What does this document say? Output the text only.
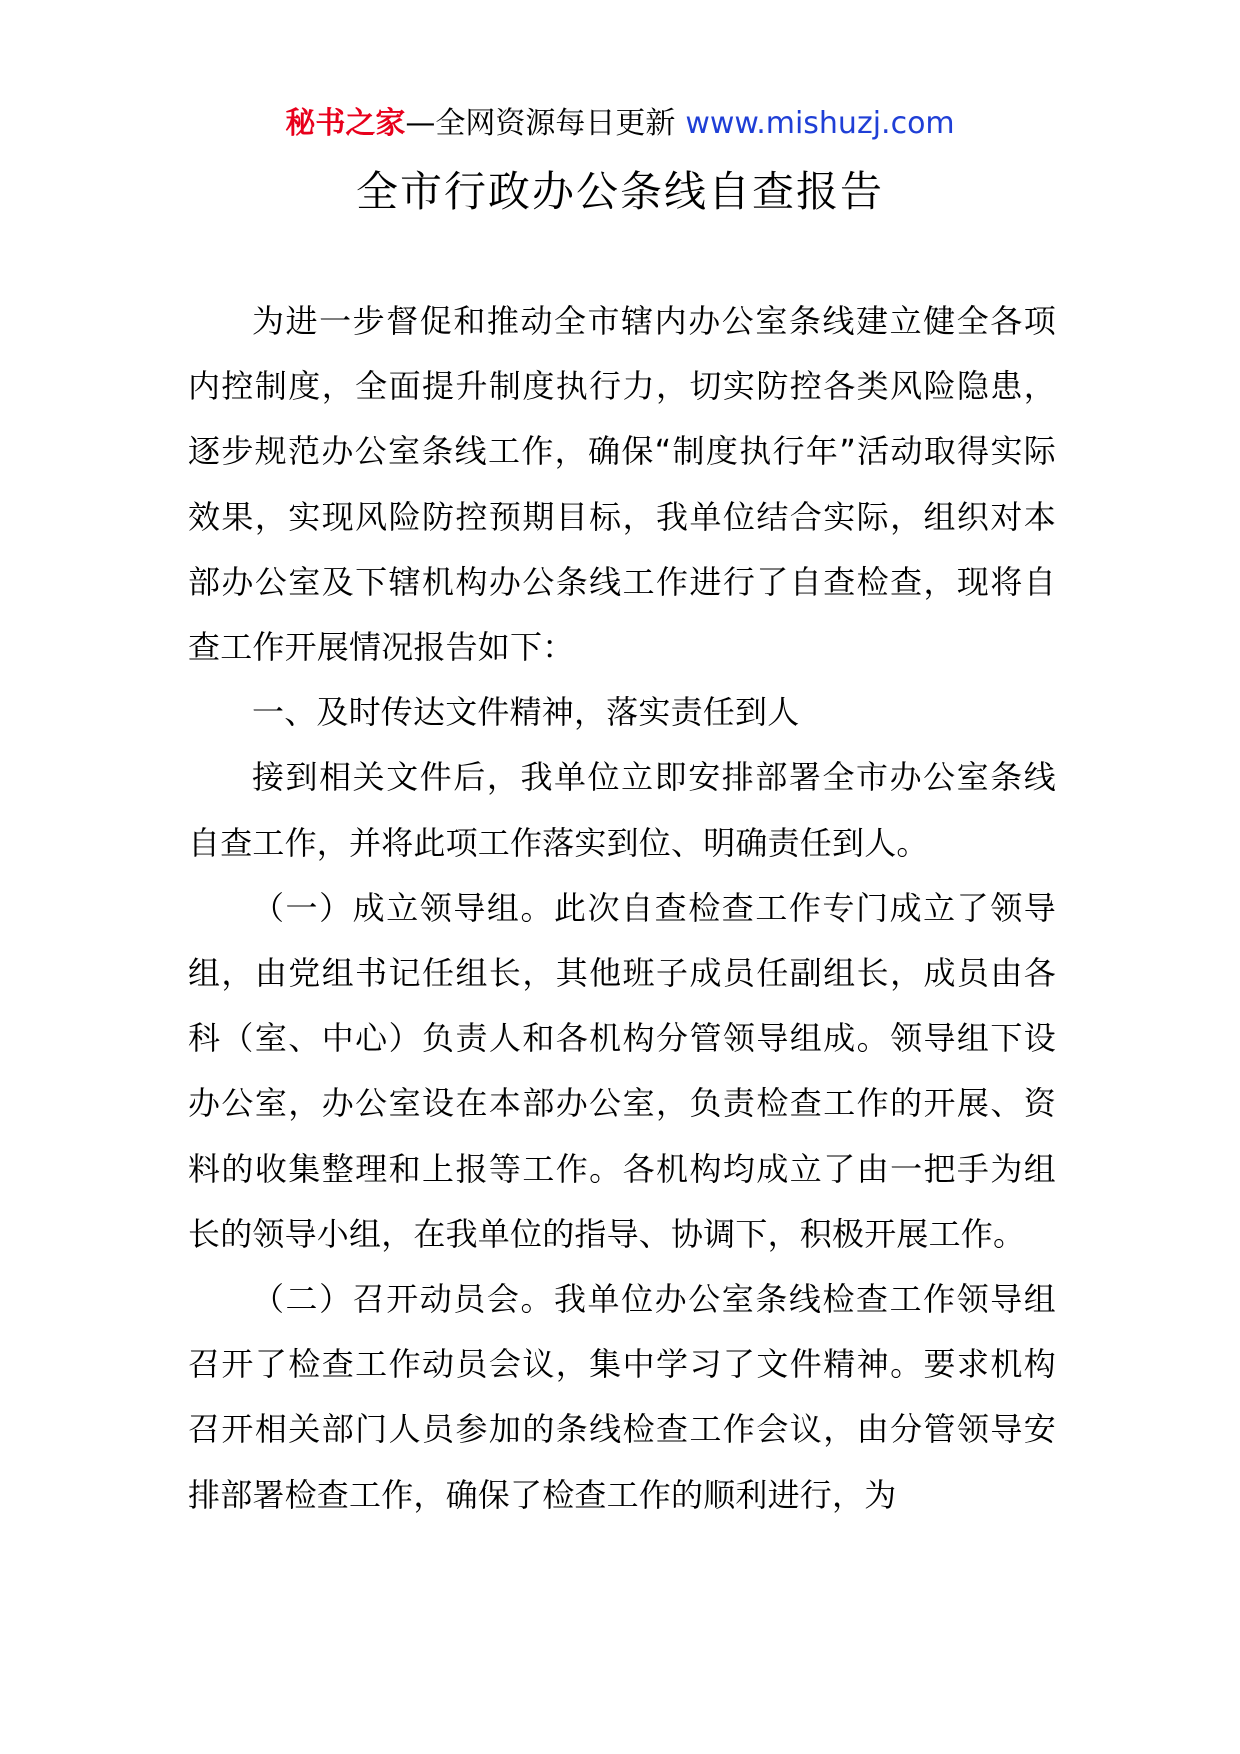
秘书之家—全网资源每日更新 www.mishuzj.com
全市行政办公条线自查报告

为进一步督促和推动全市辖内办公室条线建立健全各项内控制度，全面提升制度执行力，切实防控各类风险隐患，逐步规范办公室条线工作，确保“制度执行年”活动取得实际效果，实现风险防控预期目标，我单位结合实际，组织对本部办公室及下辖机构办公条线工作进行了自查检查，现将自查工作开展情况报告如下：

一、及时传达文件精神，落实责任到人

接到相关文件后，我单位立即安排部署全市办公室条线自查工作，并将此项工作落实到位、明确责任到人。

（一）成立领导组。此次自查检查工作专门成立了领导组，由党组书记任组长，其他班子成员任副组长，成员由各科（室、中心）负责人和各机构分管领导组成。领导组下设办公室，办公室设在本部办公室，负责检查工作的开展、资料的收集整理和上报等工作。各机构均成立了由一把手为组长的领导小组，在我单位的指导、协调下，积极开展工作。

（二）召开动员会。我单位办公室条线检查工作领导组召开了检查工作动员会议，集中学习了文件精神。要求机构召开相关部门人员参加的条线检查工作会议，由分管领导安排部署检查工作，确保了检查工作的顺利进行，为
